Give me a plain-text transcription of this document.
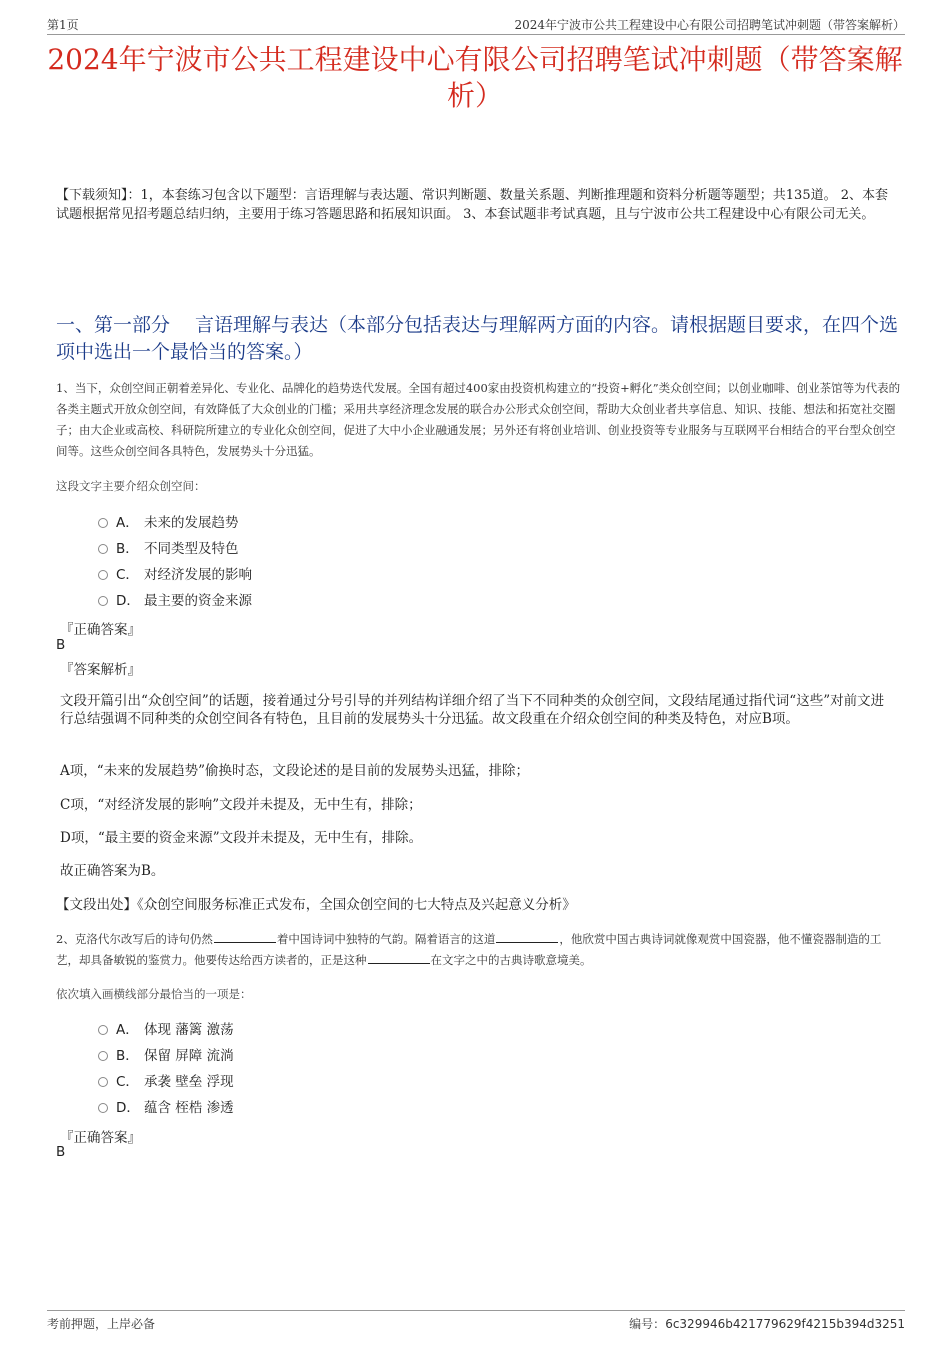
第1页	2024年宁波市公共工程建设中心有限公司招聘笔试冲刺题（带答案解析）
2024年宁波市公共工程建设中心有限公司招聘笔试冲刺题（带答案解析）
【下载须知】：1，本套练习包含以下题型：言语理解与表达题、常识判断题、数量关系题、判断推理题和资料分析题等题型；共135道。 2、本套试题根据常见招考题总结归纳，主要用于练习答题思路和拓展知识面。 3、本套试题非考试真题，且与宁波市公共工程建设中心有限公司无关。
一、第一部分　 言语理解与表达（本部分包括表达与理解两方面的内容。请根据题目要求，在四个选项中选出一个最恰当的答案。）
1、当下，众创空间正朝着差异化、专业化、品牌化的趋势迭代发展。全国有超过400家由投资机构建立的“投资+孵化”类众创空间；以创业咖啡、创业茶馆等为代表的各类主题式开放众创空间，有效降低了大众创业的门槛；采用共享经济理念发展的联合办公形式众创空间，帮助大众创业者共享信息、知识、技能、想法和拓宽社交圈子；由大企业或高校、科研院所建立的专业化众创空间，促进了大中小企业融通发展；另外还有将创业培训、创业投资等专业服务与互联网平台相结合的平台型众创空间等。这些众创空间各具特色，发展势头十分迅猛。
这段文字主要介绍众创空间：
A． 未来的发展趋势
B． 不同类型及特色
C． 对经济发展的影响
D． 最主要的资金来源
『正确答案』
B
『答案解析』
文段开篇引出“众创空间”的话题，接着通过分号引导的并列结构详细介绍了当下不同种类的众创空间，文段结尾通过指代词“这些”对前文进行总结强调不同种类的众创空间各有特色，且目前的发展势头十分迅猛。故文段重在介绍众创空间的种类及特色，对应B项。
A项，“未来的发展趋势”偷换时态，文段论述的是目前的发展势头迅猛，排除；
C项，“对经济发展的影响”文段并未提及，无中生有，排除；
D项，“最主要的资金来源”文段并未提及，无中生有，排除。
故正确答案为B。
【文段出处】《众创空间服务标准正式发布，全国众创空间的七大特点及兴起意义分析》
2、克洛代尔改写后的诗句仍然	着中国诗词中独特的气韵。隔着语言的这道	，他欣赏中国古典诗词就像观赏中国瓷器，他不懂瓷器制造的工艺，却具备敏锐的鉴赏力。他要传达给西方读者的，正是这种	在文字之中的古典诗歌意境美。
依次填入画横线部分最恰当的一项是：
A． 体现 藩篱 激荡
B． 保留 屏障 流淌
C． 承袭 壁垒 浮现
D． 蕴含 桎梏 渗透
『正确答案』
B
考前押题，上岸必备	编号：6c329946b421779629f4215b394d3251
